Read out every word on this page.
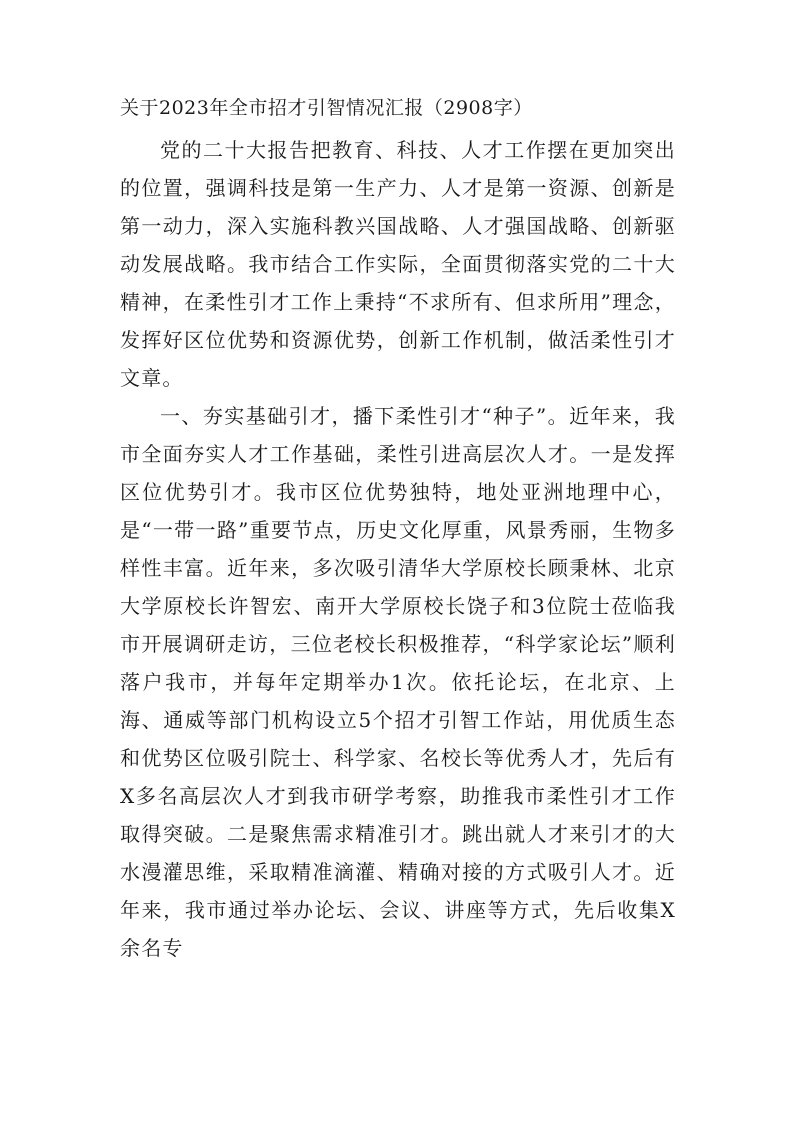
关于2023年全市招才引智情况汇报（2908字）

党的二十大报告把教育、科技、人才工作摆在更加突出的位置，强调科技是第一生产力、人才是第一资源、创新是第一动力，深入实施科教兴国战略、人才强国战略、创新驱动发展战略。我市结合工作实际，全面贯彻落实党的二十大精神，在柔性引才工作上秉持“不求所有、但求所用”理念，发挥好区位优势和资源优势，创新工作机制，做活柔性引才文章。

一、夯实基础引才，播下柔性引才“种子”。近年来，我市全面夯实人才工作基础，柔性引进高层次人才。一是发挥区位优势引才。我市区位优势独特，地处亚洲地理中心，是“一带一路”重要节点，历史文化厚重，风景秀丽，生物多样性丰富。近年来，多次吸引清华大学原校长顾秉林、北京大学原校长许智宏、南开大学原校长饶子和3位院士莅临我市开展调研走访，三位老校长积极推荐，“科学家论坛”顺利落户我市，并每年定期举办1次。依托论坛，在北京、上海、通威等部门机构设立5个招才引智工作站，用优质生态和优势区位吸引院士、科学家、名校长等优秀人才，先后有X多名高层次人才到我市研学考察，助推我市柔性引才工作取得突破。二是聚焦需求精准引才。跳出就人才来引才的大水漫灌思维，采取精准滴灌、精确对接的方式吸引人才。近年来，我市通过举办论坛、会议、讲座等方式，先后收集X余名专
